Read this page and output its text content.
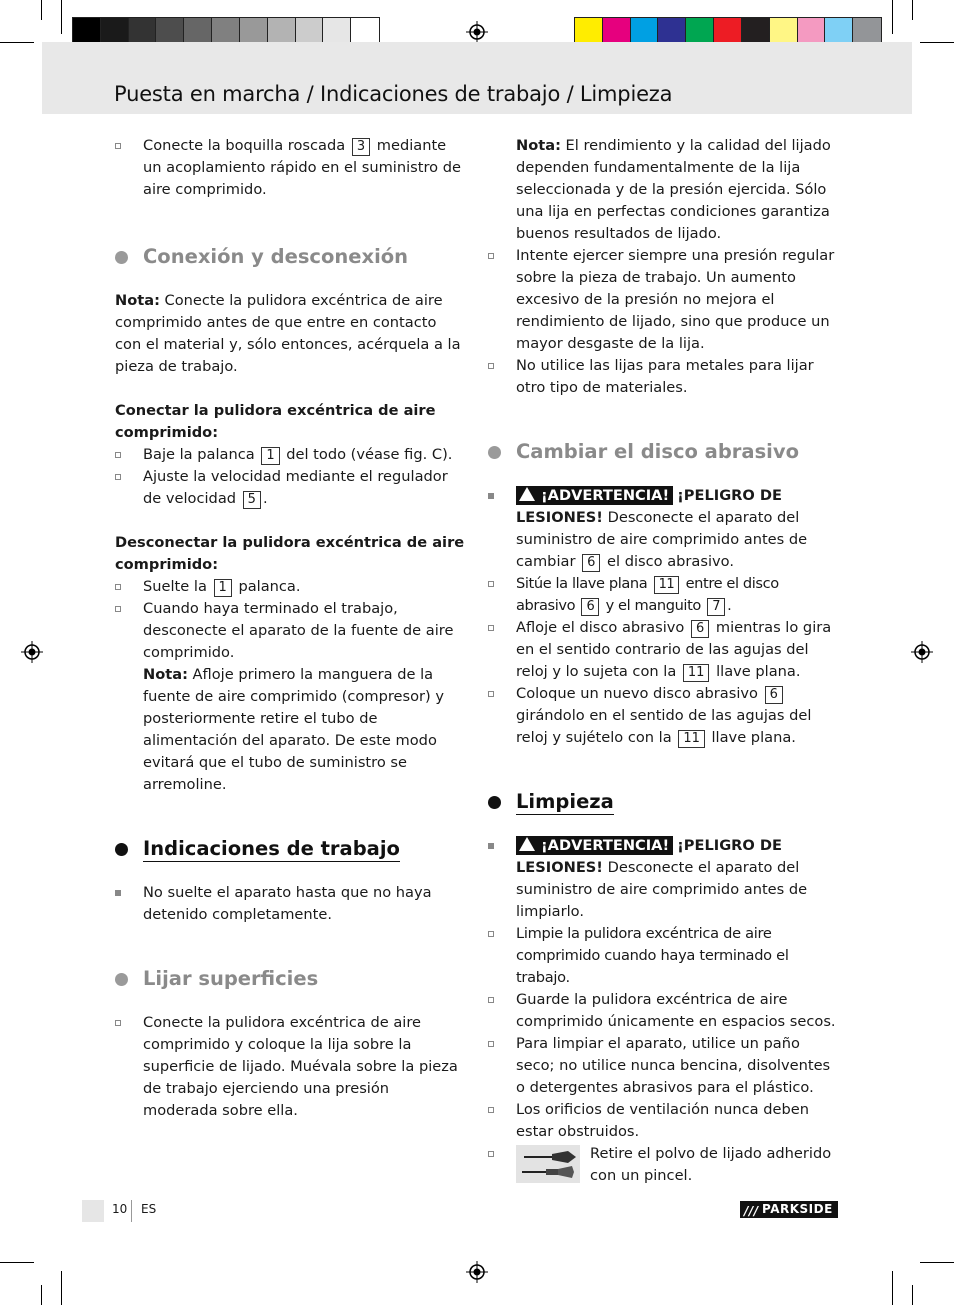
Puesta en marcha / Indicaciones de trabajo / Limpieza
Conecte la boquilla roscada 3 mediante un acoplamiento rápido en el suministro de aire comprimido.
Conexión y desconexión
Nota: Conecte la pulidora excéntrica de aire comprimido antes de que entre en contacto con el material y, sólo entonces, acérquela a la pieza de trabajo.
Conectar la pulidora excéntrica de aire comprimido:
Baje la palanca 1 del todo (véase fig. C).
Ajuste la velocidad mediante el regulador de velocidad 5 .
Desconectar la pulidora excéntrica de aire comprimido:
Suelte la 1 palanca.
Cuando haya terminado el trabajo, desconecte el aparato de la fuente de aire comprimido.
Nota: Afloje primero la manguera de la fuente de aire comprimido (compresor) y posteriormente retire el tubo de alimentación del aparato. De este modo evitará que el tubo de suministro se arremoline.
Indicaciones de trabajo
No suelte el aparato hasta que no haya detenido completamente.
Lijar superficies
Conecte la pulidora excéntrica de aire comprimido y coloque la lija sobre la superficie de lijado. Muévala sobre la pieza de trabajo ejerciendo una presión moderada sobre ella.
Nota: El rendimiento y la calidad del lijado dependen fundamentalmente de la lija seleccionada y de la presión ejercida. Sólo una lija en perfectas condiciones garantiza buenos resultados de lijado.
Intente ejercer siempre una presión regular sobre la pieza de trabajo. Un aumento excesivo de la presión no mejora el rendimiento de lijado, sino que produce un mayor desgaste de la lija.
No utilice las lijas para metales para lijar otro tipo de materiales.
Cambiar el disco abrasivo
¡ADVERTENCIA! ¡PELIGRO DE LESIONES! Desconecte el aparato del suministro de aire comprimido antes de cambiar 6 el disco abrasivo.
Sitúe la llave plana 11 entre el disco abrasivo 6 y el manguito 7 .
Afloje el disco abrasivo 6 mientras lo gira en el sentido contrario de las agujas del reloj y lo sujeta con la 11 llave plana.
Coloque un nuevo disco abrasivo 6 girándolo en el sentido de las agujas del reloj y sujételo con la 11 llave plana.
Limpieza
¡ADVERTENCIA! ¡PELIGRO DE LESIONES! Desconecte el aparato del suministro de aire comprimido antes de limpiarlo.
Limpie la pulidora excéntrica de aire comprimido cuando haya terminado el trabajo.
Guarde la pulidora excéntrica de aire comprimido únicamente en espacios secos.
Para limpiar el aparato, utilice un paño seco; no utilice nunca bencina, disolventes o detergentes abrasivos para el plástico.
Los orificios de ventilación nunca deben estar obstruidos.
Retire el polvo de lijado adherido con un pincel.
10 ES	/// PARKSIDE
